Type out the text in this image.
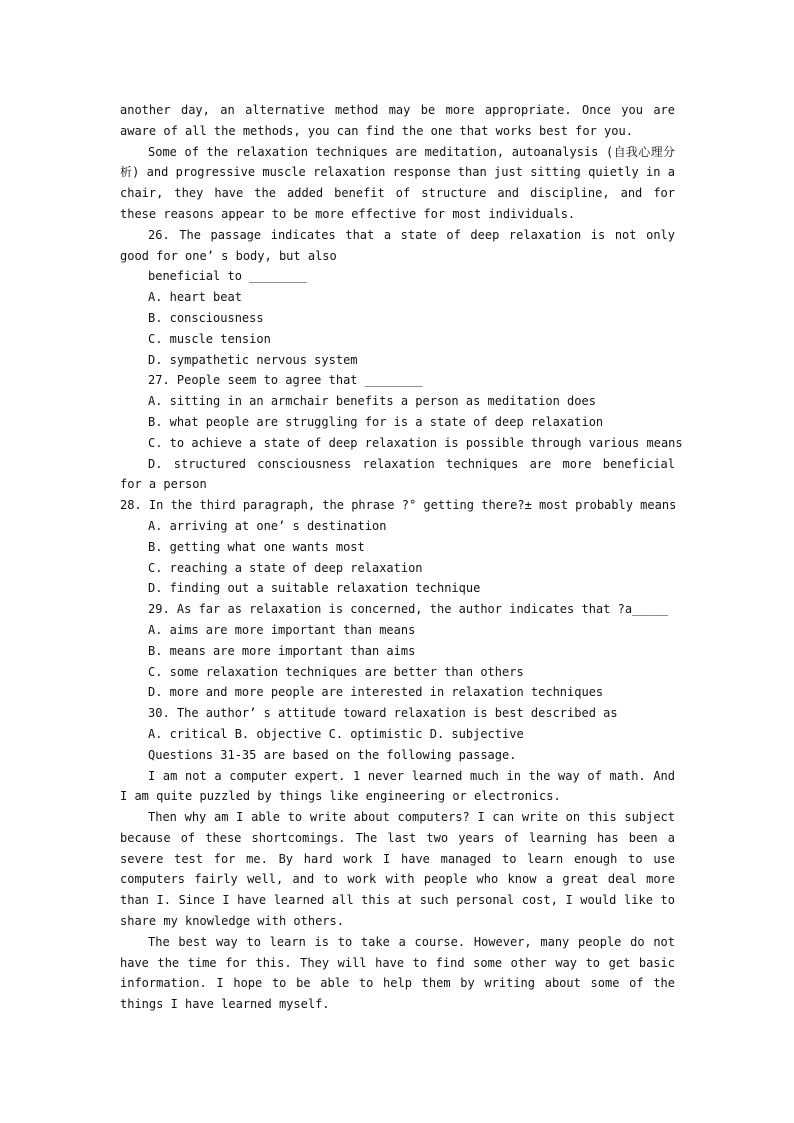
another day, an alternative method may be more appropriate. Once you are aware of all the methods, you can find the one that works best for you.

Some of the relaxation techniques are meditation, autoanalysis (自我心理分析) and progressive muscle relaxation response than just sitting quietly in a chair, they have the added benefit of structure and discipline, and for these reasons appear to be more effective for most individuals.

26. The passage indicates that a state of deep relaxation is not only good for one’ s body, but also

beneficial to ________

A. heart beat

B. consciousness

C. muscle tension

D. sympathetic nervous system

27. People seem to agree that ________

A. sitting in an armchair benefits a person as meditation does

B. what people are struggling for is a state of deep relaxation

C. to achieve a state of deep relaxation is possible through various means

D. structured consciousness relaxation techniques are more beneficial for a person

28. In the third paragraph, the phrase ?° getting there?± most probably means

A. arriving at one’ s destination

B. getting what one wants most

C. reaching a state of deep relaxation

D. finding out a suitable relaxation technique

29. As far as relaxation is concerned, the author indicates that ?a_____

A. aims are more important than means

B. means are more important than aims

C. some relaxation techniques are better than others

D. more and more people are interested in relaxation techniques

30. The author’ s attitude toward relaxation is best described as

A. critical B. objective C. optimistic D. subjective

Questions 31-35 are based on the following passage.

I am not a computer expert. 1 never learned much in the way of math. And I am quite puzzled by things like engineering or electronics.

Then why am I able to write about computers? I can write on this subject because of these shortcomings. The last two years of learning has been a severe test for me. By hard work I have managed to learn enough to use computers fairly well, and to work with people who know a great deal more than I. Since I have learned all this at such personal cost, I would like to share my knowledge with others.

The best way to learn is to take a course. However, many people do not have the time for this. They will have to find some other way to get basic information. I hope to be able to help them by writing about some of the things I have learned myself.
